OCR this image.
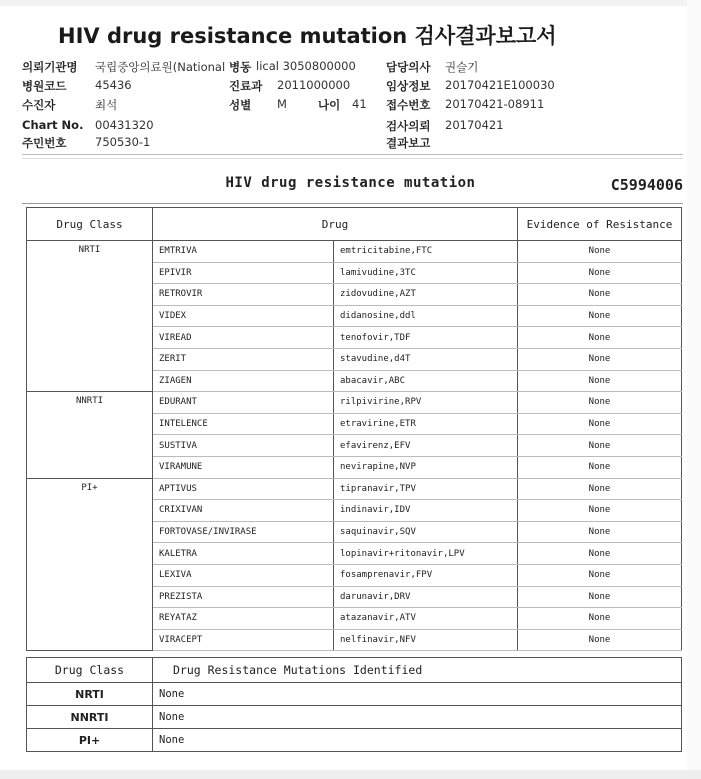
HIV drug resistance mutation 검사결과보고서
의뢰기관명 국립중앙의료원(National 병동 lical 3050800000	담당의사 권슬기
병원코드 45436	진료과 2011000000	임상정보 20170421E100030
수진자	최석	성별 M	나이 41 접수번호 20170421-08911
Chart No. 00431320	검사의뢰 20170421
주민번호 750530-1	결과보고
HIV drug resistance mutation	C5994006
Drug Class	Drug		Evidence of Resistance
NRTI	EMTRIVA	emtricitabine,FTC	None
	EPIVIR	lamivudine,3TC	None
	RETROVIR	zidovudine,AZT	None
	VIDEX	didanosine,ddl	None
	VIREAD	tenofovir,TDF	None
	ZERIT	stavudine,d4T	None
	ZIAGEN	abacavir,ABC	None
NNRTI	EDURANT	rilpivirine,RPV	None
	INTELENCE	etravirine,ETR	None
	SUSTIVA	efavirenz,EFV	None
	VIRAMUNE	nevirapine,NVP	None
PI+	APTIVUS	tipranavir,TPV	None
	CRIXIVAN	indinavir,IDV	None
	FORTOVASE/INVIRASE	saquinavir,SQV	None
	KALETRA	lopinavir+ritonavir,LPV	None
	LEXIVA	fosamprenavir,FPV	None
	PREZISTA	darunavir,DRV	None
	REYATAZ	atazanavir,ATV	None
	VIRACEPT	nelfinavir,NFV	None
Drug Class	Drug Resistance Mutations Identified
NRTI	None
NNRTI	None
PI+	None
